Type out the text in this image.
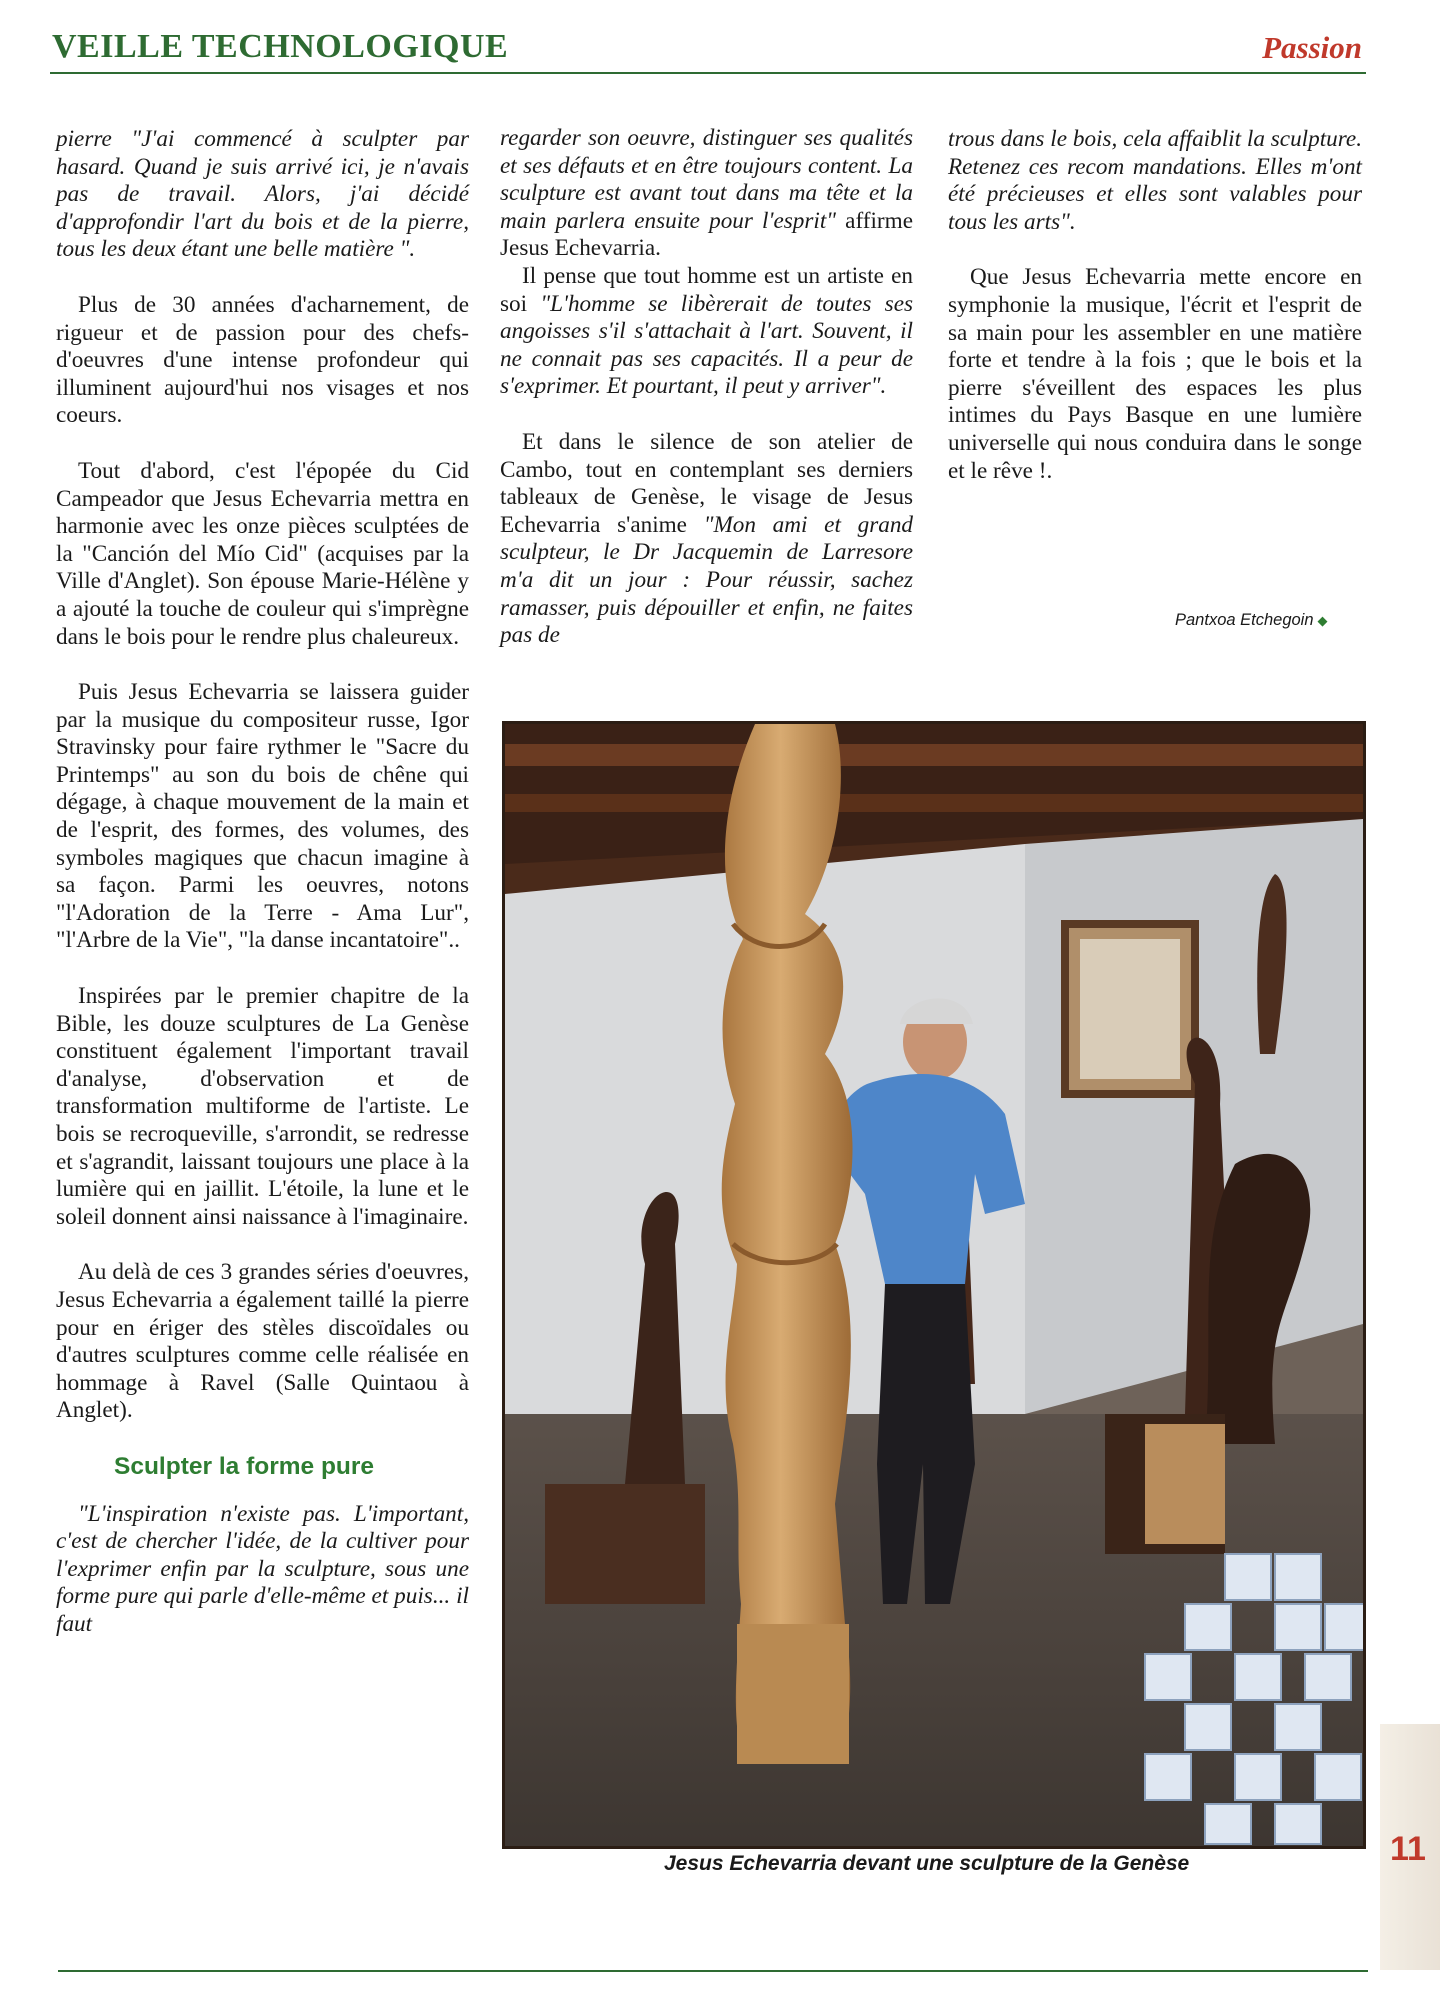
VEILLE TECHNOLOGIQUE	Passion

pierre "J'ai commencé à sculpter par hasard. Quand je suis arrivé ici, je n'avais pas de travail. Alors, j'ai décidé d'approfondir l'art du bois et de la pierre, tous les deux étant une belle matière ".

Plus de 30 années d'acharnement, de rigueur et de passion pour des chefs-d'oeuvres d'une intense profondeur qui illuminent aujourd'hui nos visages et nos coeurs.

Tout d'abord, c'est l'épopée du Cid Campeador que Jesus Echevarria mettra en harmonie avec les onze pièces sculptées de la "Canción del Mío Cid" (acquises par la Ville d'Anglet). Son épouse Marie-Hélène y a ajouté la touche de couleur qui s'imprègne dans le bois pour le rendre plus chaleureux.

Puis Jesus Echevarria se laissera guider par la musique du compositeur russe, Igor Stravinsky pour faire rythmer le "Sacre du Printemps" au son du bois de chêne qui dégage, à chaque mouvement de la main et de l'esprit, des formes, des volumes, des symboles magiques que chacun imagine à sa façon. Parmi les oeuvres, notons "l'Adoration de la Terre - Ama Lur", "l'Arbre de la Vie", "la danse incantatoire"..

Inspirées par le premier chapitre de la Bible, les douze sculptures de La Genèse constituent également l'important travail d'analyse, d'observation et de transformation multiforme de l'artiste. Le bois se recroqueville, s'arrondit, se redresse et s'agrandit, laissant toujours une place à la lumière qui en jaillit. L'étoile, la lune et le soleil donnent ainsi naissance à l'imaginaire.

Au delà de ces 3 grandes séries d'oeuvres, Jesus Echevarria a également taillé la pierre pour en ériger des stèles discoïdales ou d'autres sculptures comme celle réalisée en hommage à Ravel (Salle Quintaou à Anglet).

Sculpter la forme pure

"L'inspiration n'existe pas. L'important, c'est de chercher l'idée, de la cultiver pour l'exprimer enfin par la sculpture, sous une forme pure qui parle d'elle-même et puis... il faut

regarder son oeuvre, distinguer ses qualités et ses défauts et en être toujours content. La sculpture est avant tout dans ma tête et la main parlera ensuite pour l'esprit" affirme Jesus Echevarria.

Il pense que tout homme est un artiste en soi "L'homme se libèrerait de toutes ses angoisses s'il s'attachait à l'art. Souvent, il ne connait pas ses capacités. Il a peur de s'exprimer. Et pourtant, il peut y arriver".

Et dans le silence de son atelier de Cambo, tout en contemplant ses derniers tableaux de Genèse, le visage de Jesus Echevarria s'anime "Mon ami et grand sculpteur, le Dr Jacquemin de Larresore m'a dit un jour : Pour réussir, sachez ramasser, puis dépouiller et enfin, ne faites pas de

trous dans le bois, cela affaiblit la sculpture. Retenez ces recom mandations. Elles m'ont été précieuses et elles sont valables pour tous les arts".

Que Jesus Echevarria mette encore en symphonie la musique, l'écrit et l'esprit de sa main pour les assembler en une matière forte et tendre à la fois ; que le bois et la pierre s'éveillent des espaces les plus intimes du Pays Basque en une lumière universelle qui nous conduira dans le songe et le rêve !.

Pantxoa Etchegoin ◆
Jesus Echevarria devant une sculpture de la Genèse	11
